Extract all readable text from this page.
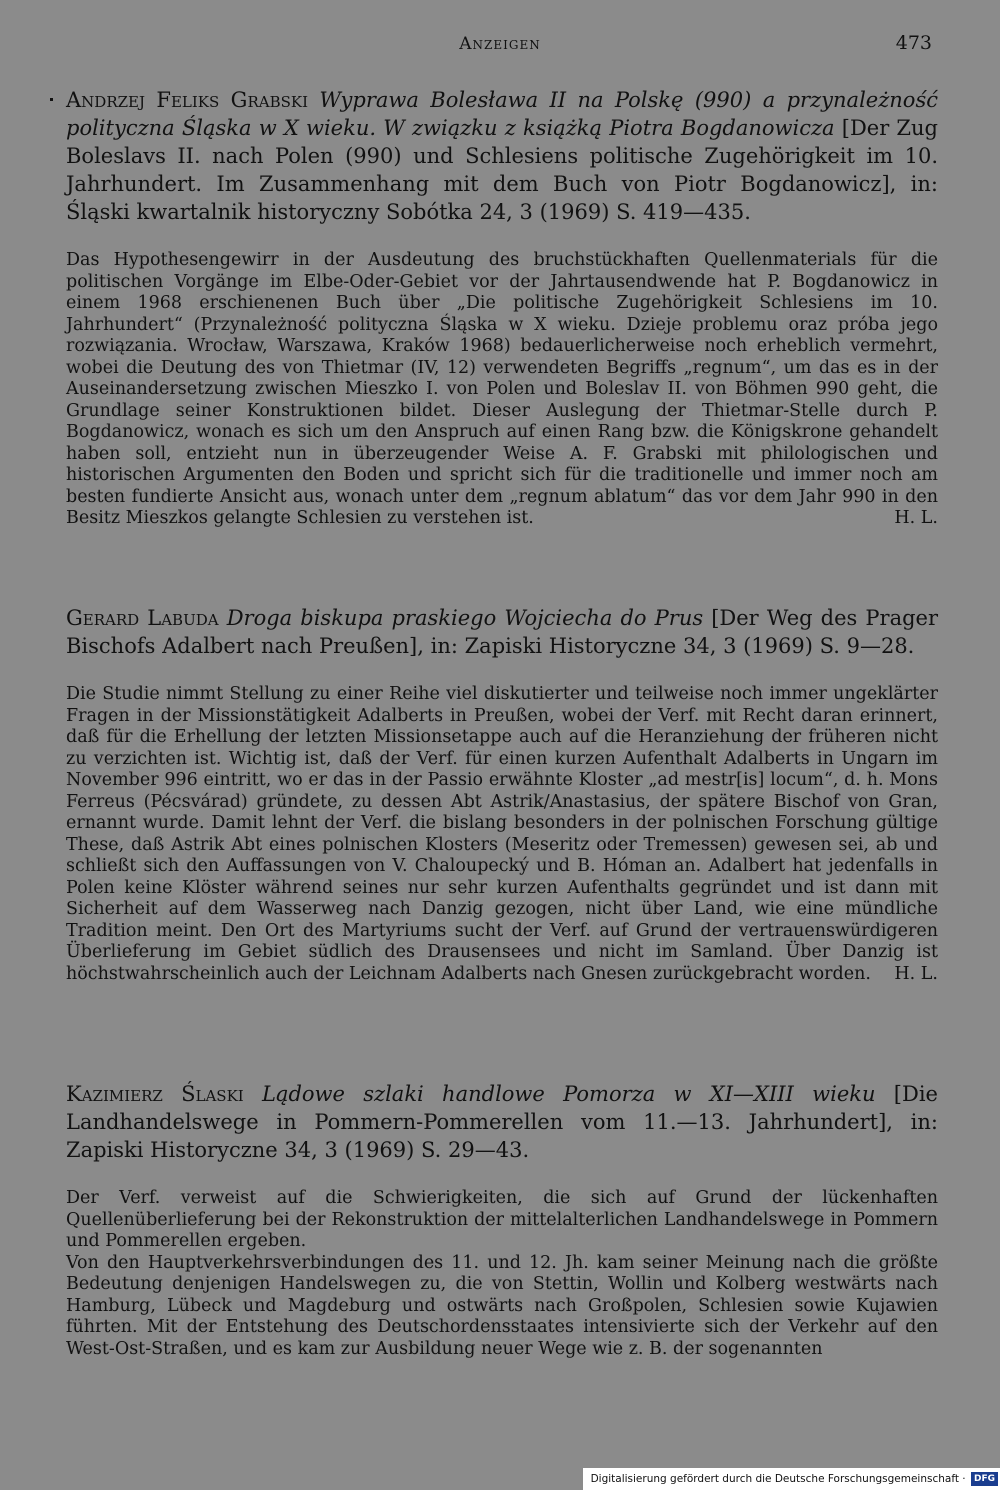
Anzeigen	473

Andrzej Feliks Grabski Wyprawa Bolesława II na Polskę (990) a przynależność polityczna Śląska w X wieku. W związku z książką Piotra Bogdanowicza [Der Zug Boleslavs II. nach Polen (990) und Schlesiens politische Zugehörigkeit im 10. Jahrhundert. Im Zusammenhang mit dem Buch von Piotr Bogdanowicz], in: Śląski kwartalnik historyczny Sobótka 24, 3 (1969) S. 419—435.

Das Hypothesengewirr in der Ausdeutung des bruchstückhaften Quellenmaterials für die politischen Vorgänge im Elbe-Oder-Gebiet vor der Jahrtausendwende hat P. Bogdanowicz in einem 1968 erschienenen Buch über „Die politische Zugehörigkeit Schlesiens im 10. Jahrhundert“ (Przynależność polityczna Śląska w X wieku. Dzieje problemu oraz próba jego rozwiązania. Wrocław, Warszawa, Kraków 1968) bedauerlicherweise noch erheblich vermehrt, wobei die Deutung des von Thietmar (IV, 12) verwendeten Begriffs „regnum“, um das es in der Auseinandersetzung zwischen Mieszko I. von Polen und Boleslav II. von Böhmen 990 geht, die Grundlage seiner Konstruktionen bildet. Dieser Auslegung der Thietmar-Stelle durch P. Bogdanowicz, wonach es sich um den Anspruch auf einen Rang bzw. die Königskrone gehandelt haben soll, entzieht nun in überzeugender Weise A. F. Grabski mit philologischen und historischen Argumenten den Boden und spricht sich für die traditionelle und immer noch am besten fundierte Ansicht aus, wonach unter dem „regnum ablatum“ das vor dem Jahr 990 in den Besitz Mieszkos gelangte Schlesien zu verstehen ist.	H. L.

Gerard Labuda Droga biskupa praskiego Wojciecha do Prus [Der Weg des Prager Bischofs Adalbert nach Preußen], in: Zapiski Historyczne 34, 3 (1969) S. 9—28.

Die Studie nimmt Stellung zu einer Reihe viel diskutierter und teilweise noch immer ungeklärter Fragen in der Missionstätigkeit Adalberts in Preußen, wobei der Verf. mit Recht daran erinnert, daß für die Erhellung der letzten Missionsetappe auch auf die Heranziehung der früheren nicht zu verzichten ist. Wichtig ist, daß der Verf. für einen kurzen Aufenthalt Adalberts in Ungarn im November 996 eintritt, wo er das in der Passio erwähnte Kloster „ad mestr[is] locum“, d. h. Mons Ferreus (Pécsvárad) gründete, zu dessen Abt Astrik/Anastasius, der spätere Bischof von Gran, ernannt wurde. Damit lehnt der Verf. die bislang besonders in der polnischen Forschung gültige These, daß Astrik Abt eines polnischen Klosters (Meseritz oder Tremessen) gewesen sei, ab und schließt sich den Auffassungen von V. Chaloupecký und B. Hóman an. Adalbert hat jedenfalls in Polen keine Klöster während seines nur sehr kurzen Aufenthalts gegründet und ist dann mit Sicherheit auf dem Wasserweg nach Danzig gezogen, nicht über Land, wie eine mündliche Tradition meint. Den Ort des Martyriums sucht der Verf. auf Grund der vertrauenswürdigeren Überlieferung im Gebiet südlich des Drausensees und nicht im Samland. Über Danzig ist höchstwahrscheinlich auch der Leichnam Adalberts nach Gnesen zurückgebracht worden. H. L.

Kazimierz Ślaski Lądowe szlaki handlowe Pomorza w XI—XIII wieku [Die Landhandelswege in Pommern-Pommerellen vom 11.—13. Jahrhundert], in: Zapiski Historyczne 34, 3 (1969) S. 29—43.

Der Verf. verweist auf die Schwierigkeiten, die sich auf Grund der lückenhaften Quellenüberlieferung bei der Rekonstruktion der mittelalterlichen Landhandelswege in Pommern und Pommerellen ergeben.

Von den Hauptverkehrsverbindungen des 11. und 12. Jh. kam seiner Meinung nach die größte Bedeutung denjenigen Handelswegen zu, die von Stettin, Wollin und Kolberg westwärts nach Hamburg, Lübeck und Magdeburg und ostwärts nach Großpolen, Schlesien sowie Kujawien führten. Mit der Entstehung des Deutschordensstaates intensivierte sich der Verkehr auf den West-Ost-Straßen, und es kam zur Ausbildung neuer Wege wie z. B. der sogenannten

Digitalisierung gefördert durch die Deutsche Forschungsgemeinschaft · DFG
